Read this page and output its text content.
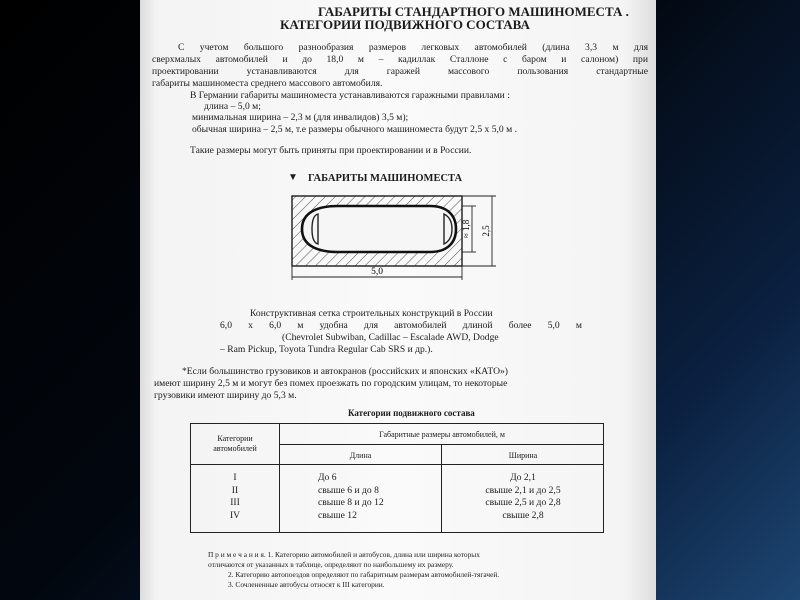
ГАБАРИТЫ СТАНДАРТНОГО МАШИНОМЕСТА .
КАТЕГОРИИ ПОДВИЖНОГО СОСТАВА
С учетом большого разнообразия размеров легковых автомобилей (длина 3,3 м для
сверхмалых автомобилей и до 18,0 м – кадиллак Сталлоне с баром и салоном) при
проектировании устанавливаются для гаражей массового пользования стандартные
габариты машиноместа среднего массового автомобиля.
В Германии габариты машиноместа устанавливаются гаражными правилами :
длина – 5,0 м;
минимальная ширина – 2,3 м (для инвалидов) 3,5 м);
обычная ширина – 2,5 м, т.е размеры обычного машиноместа будут 2,5 х 5,0 м .
Такие размеры могут быть приняты при проектировании и в России.
▼ ГАБАРИТЫ МАШИНОМЕСТА
≈ 1,8 2,5
5,0
Конструктивная сетка строительных конструкций в России
6,0 х 6,0 м удобна для автомобилей длиной более 5,0 м
(Chevrolet Subwiban, Cadillac – Escalade AWD, Dodge
– Ram Pickup, Toyota Tundra Regular Cab SRS и др.).
*Если большинство грузовиков и автокранов (российских и японских «КАТО»)
имеют ширину 2,5 м и могут без помех проезжать по городским улицам, то некоторые
грузовики имеют ширину до 5,3 м.
Категории подвижного состава
Категории
автомобилей
Габаритные размеры автомобилей, м
Длина	Ширина
I
II
III
IV
До 6
свыше 6 и до 8
свыше 8 и до 12
свыше 12
До 2,1
свыше 2,1 и до 2,5
свыше 2,5 и до 2,8
свыше 2,8
П р и м е ч а н и я. 1. Категорию автомобилей и автобусов, длина или ширина которых
отличаются от указанных в таблице, определяют по наибольшему их размеру.
2. Категорию автопоездов определяют по габаритным размерам автомобилей-тягачей.
3. Сочлененные автобусы относят к III категории.
